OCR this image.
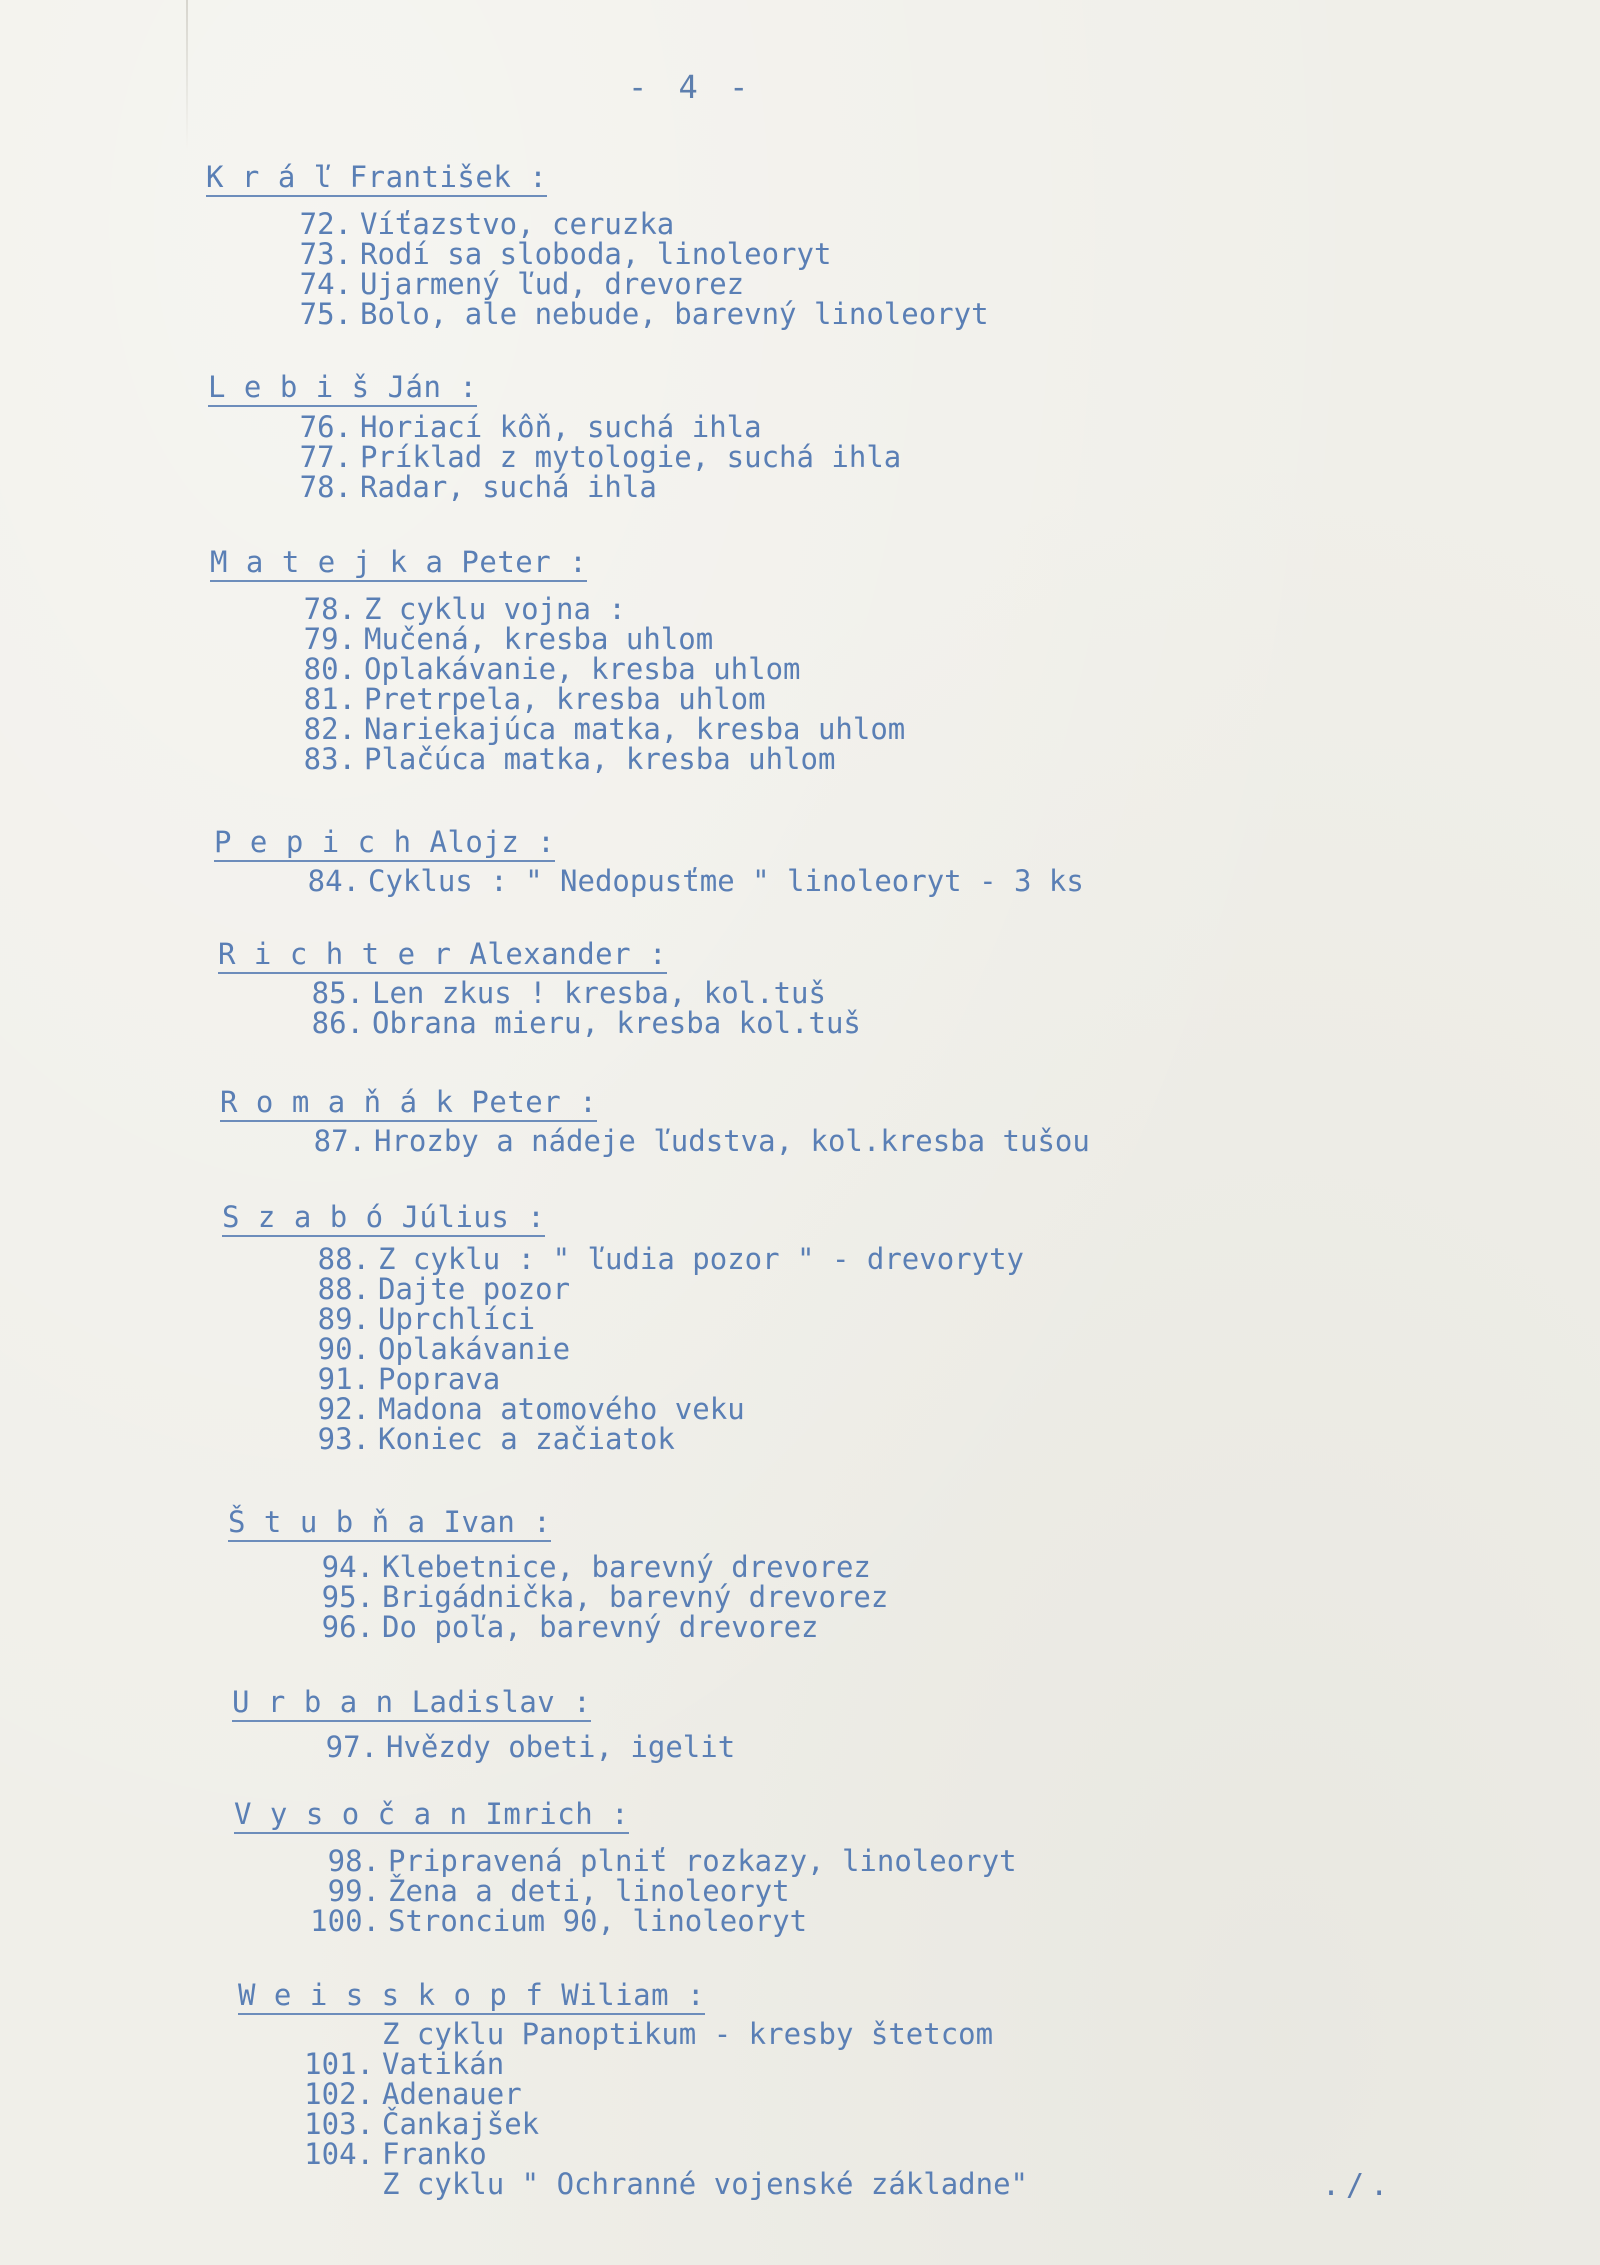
- 4 -
K r á ľ František :
72. Víťazstvo, ceruzka
73. Rodí sa sloboda, linoleoryt
74. Ujarmený ľud, drevorez
75. Bolo, ale nebude, barevný linoleoryt
L e b i š Ján :
76. Horiací kôň, suchá ihla
77. Príklad z mytologie, suchá ihla
78. Radar, suchá ihla
M a t e j k a Peter :
78. Z cyklu vojna :
79. Mučená, kresba uhlom
80. Oplakávanie, kresba uhlom
81. Pretrpela, kresba uhlom
82. Nariekajúca matka, kresba uhlom
83. Plačúca matka, kresba uhlom
P e p i c h Alojz :
84. Cyklus : " Nedopusťme " linoleoryt - 3 ks
R i c h t e r Alexander :
85. Len zkus ! kresba, kol.tuš
86. Obrana mieru, kresba kol.tuš
R o m a ň á k Peter :
87. Hrozby a nádeje ľudstva, kol.kresba tušou
S z a b ó Július :
88. Z cyklu : " ľudia pozor " - drevoryty
88. Dajte pozor
89. Uprchlíci
90. Oplakávanie
91. Poprava
92. Madona atomového veku
93. Koniec a začiatok
Š t u b ň a Ivan :
94. Klebetnice, barevný drevorez
95. Brigádnička, barevný drevorez
96. Do poľa, barevný drevorez
U r b a n Ladislav :
97. Hvězdy obeti, igelit
V y s o č a n Imrich :
98. Pripravená plniť rozkazy, linoleoryt
99. Žena a deti, linoleoryt
100. Stroncium 90, linoleoryt
W e i s s k o p f Wiliam :
Z cyklu Panoptikum - kresby štetcom
101. Vatikán
102. Adenauer
103. Čankajšek
104. Franko
Z cyklu " Ochranné vojenské základne"	./.
